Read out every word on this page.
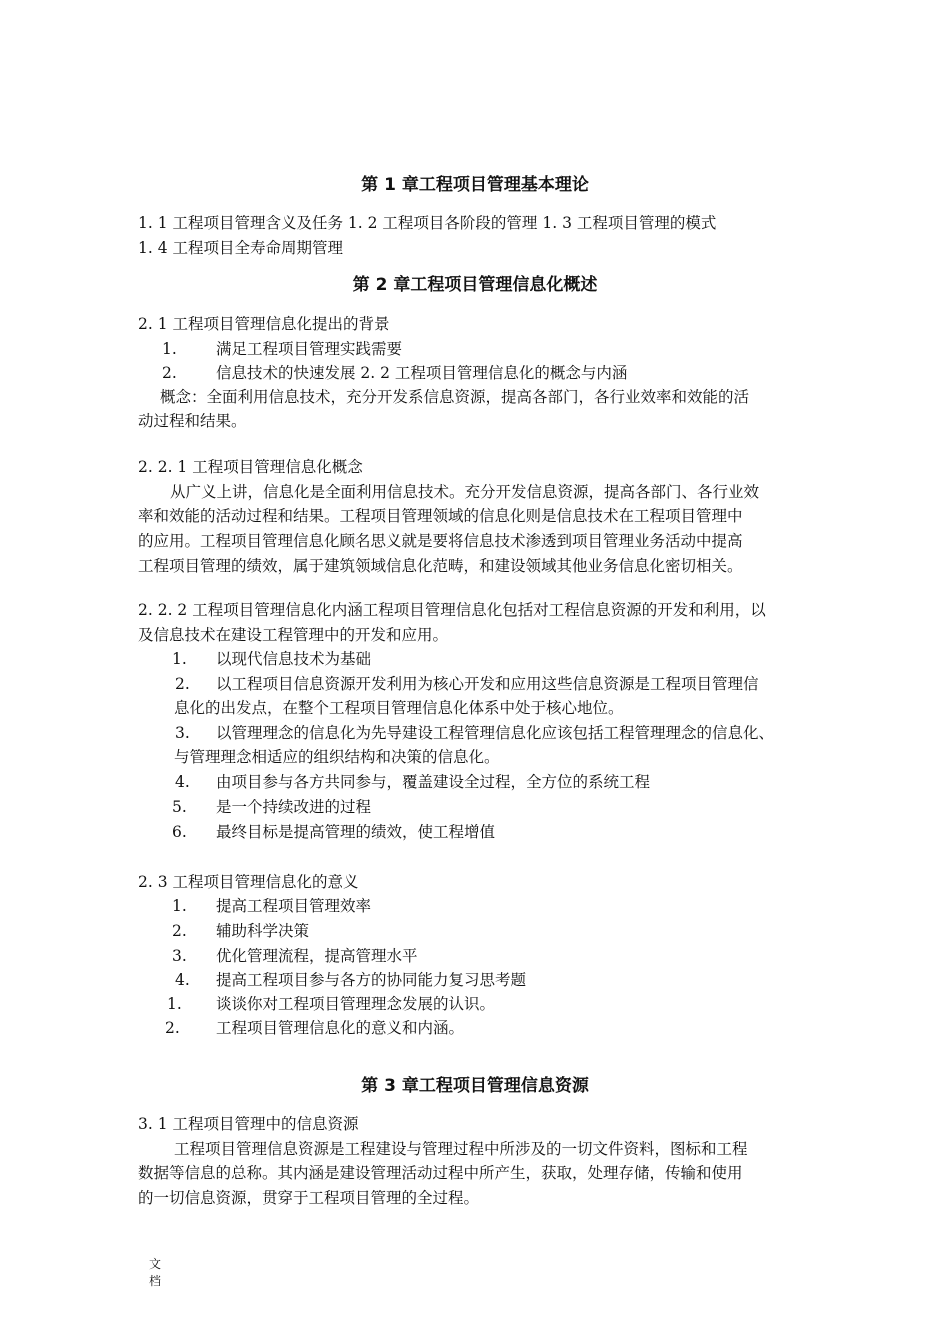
第 1 章工程项目管理基本理论
1. 1 工程项目管理含义及任务 1. 2 工程项目各阶段的管理 1. 3 工程项目管理的模式
1. 4 工程项目全寿命周期管理
第 2 章工程项目管理信息化概述
2. 1 工程项目管理信息化提出的背景
1.	满足工程项目管理实践需要
2.	信息技术的快速发展 2. 2 工程项目管理信息化的概念与内涵
概念：全面利用信息技术，充分开发系信息资源，提高各部门，各行业效率和效能的活
动过程和结果。
2. 2. 1 工程项目管理信息化概念
从广义上讲，信息化是全面利用信息技术。充分开发信息资源，提高各部门、各行业效
率和效能的活动过程和结果。工程项目管理领域的信息化则是信息技术在工程项目管理中
的应用。工程项目管理信息化顾名思义就是要将信息技术渗透到项目管理业务活动中提高
工程项目管理的绩效，属于建筑领域信息化范畴，和建设领域其他业务信息化密切相关。
2. 2. 2 工程项目管理信息化内涵工程项目管理信息化包括对工程信息资源的开发和利用，以
及信息技术在建设工程管理中的开发和应用。
1. 以现代信息技术为基础
2. 以工程项目信息资源开发利用为核心开发和应用这些信息资源是工程项目管理信
息化的出发点，在整个工程项目管理信息化体系中处于核心地位。
3. 以管理理念的信息化为先导建设工程管理信息化应该包括工程管理理念的信息化、
与管理理念相适应的组织结构和决策的信息化。
4. 由项目参与各方共同参与，覆盖建设全过程，全方位的系统工程
5. 是一个持续改进的过程
6. 最终目标是提高管理的绩效，使工程增值
2. 3 工程项目管理信息化的意义
1. 提高工程项目管理效率
2. 辅助科学决策
3. 优化管理流程，提高管理水平
4. 提高工程项目参与各方的协同能力复习思考题
1. 谈谈你对工程项目管理理念发展的认识。
2. 工程项目管理信息化的意义和内涵。
第 3 章工程项目管理信息资源
3. 1 工程项目管理中的信息资源
工程项目管理信息资源是工程建设与管理过程中所涉及的一切文件资料，图标和工程
数据等信息的总称。其内涵是建设管理活动过程中所产生，获取，处理存储，传输和使用
的一切信息资源，贯穿于工程项目管理的全过程。
文
档
